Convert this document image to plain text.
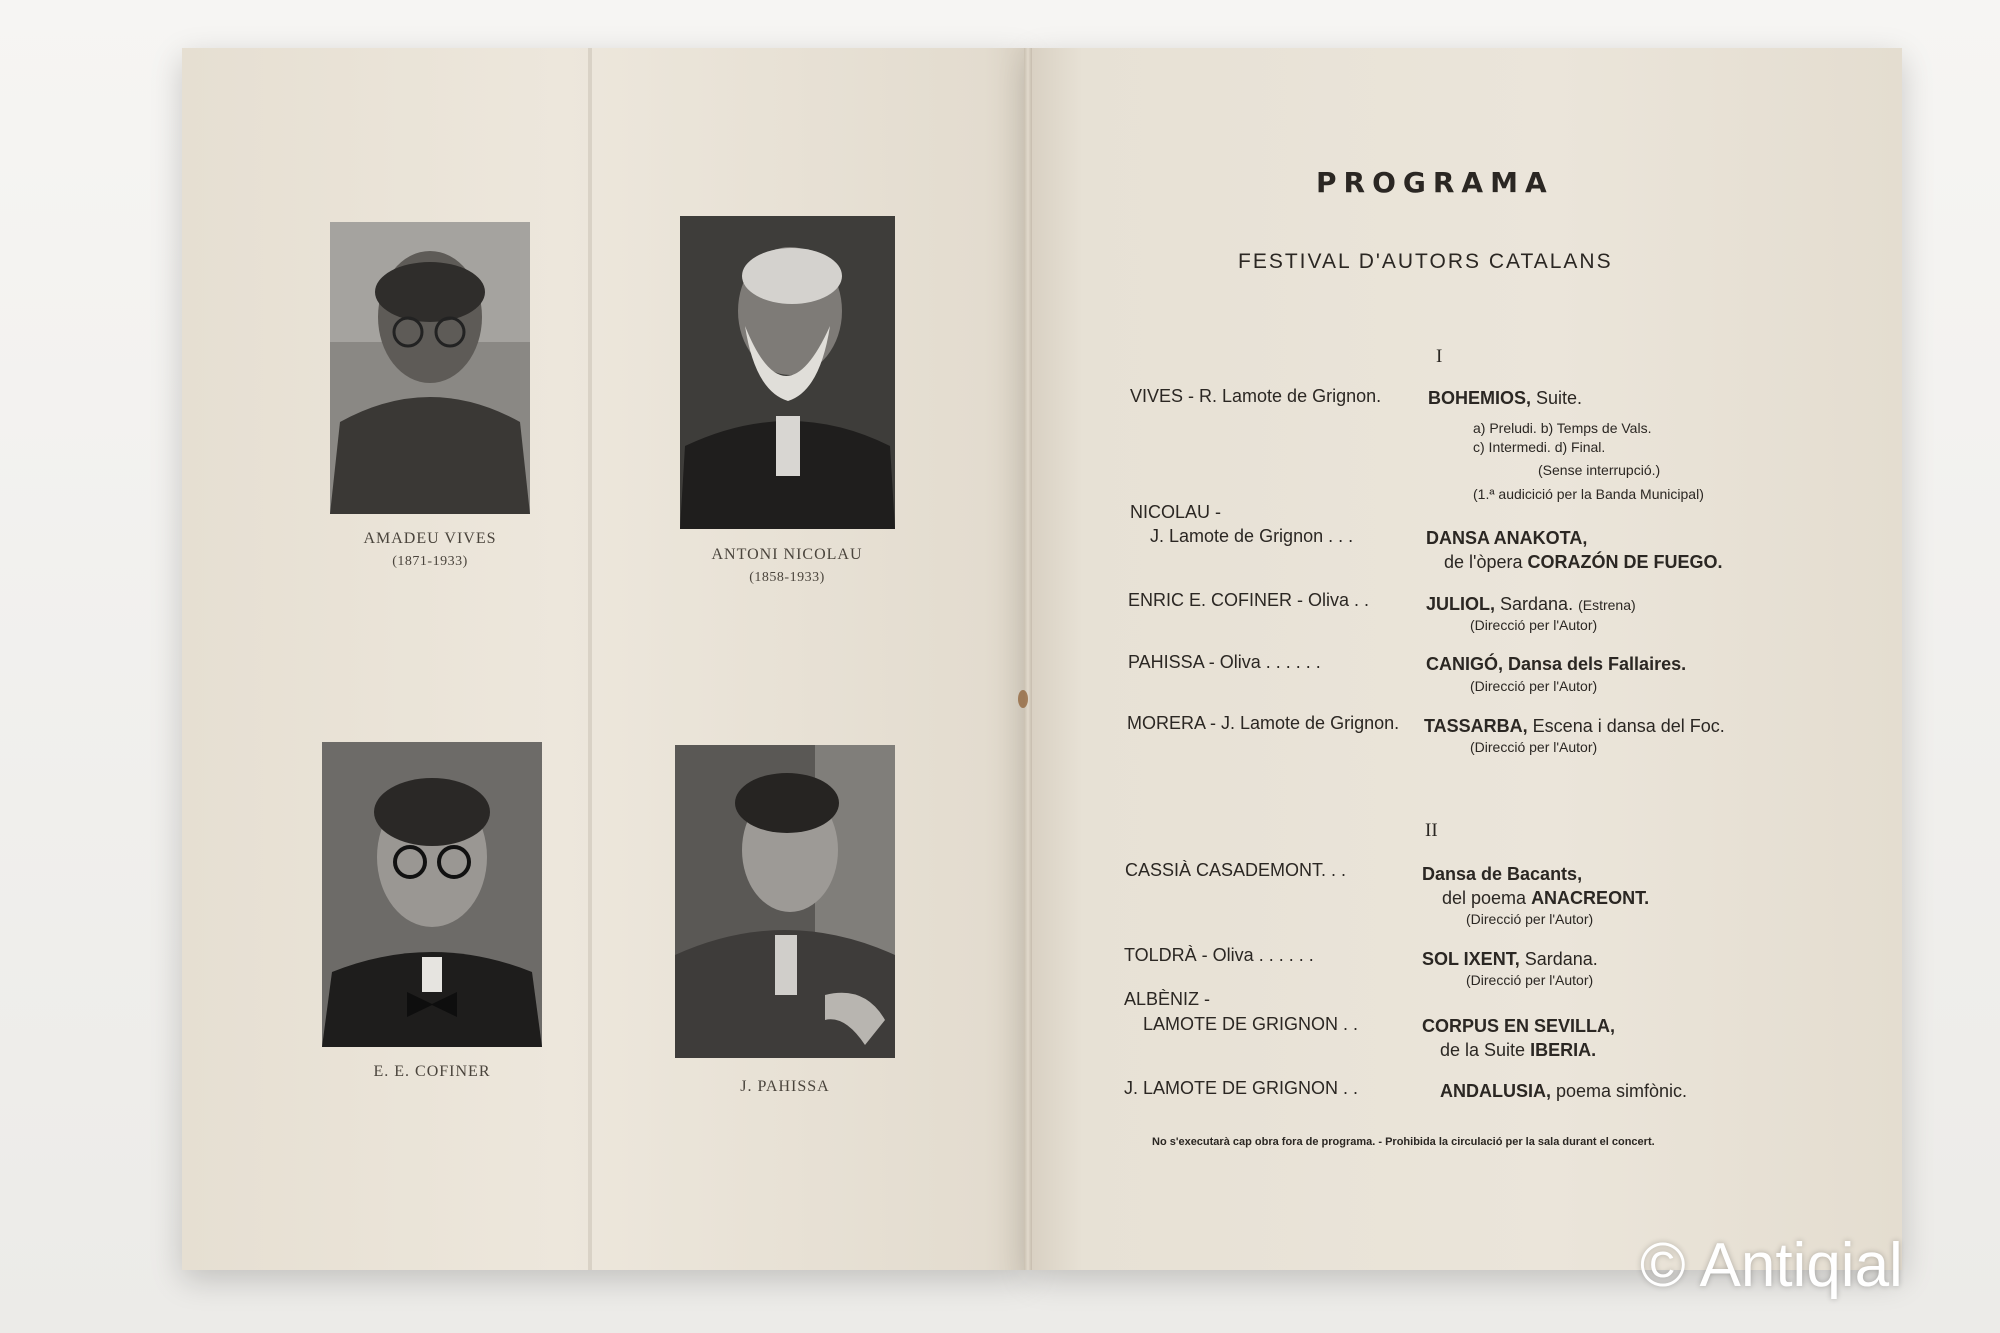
AMADEU VIVES
(1871-1933)	ANTONI NICOLAU
(1858-1933)
E. E. COFINER
J. PAHISSA
PROGRAMA
FESTIVAL D'AUTORS CATALANS
I
VIVES - R. Lamote de Grignon.	BOHEMIOS, Suite.
a) Preludi. b) Temps de Vals.
c) Intermedi. d) Final.
(Sense interrupció.)
(1.ª audicició per la Banda Municipal)
NICOLAU -
J. Lamote de Grignon . . .	DANSA ANAKOTA,
de l'òpera CORAZÓN DE FUEGO.
ENRIC E. COFINER - Oliva . .	JULIOL, Sardana. (Estrena)
(Direcció per l'Autor)
PAHISSA - Oliva . . . . . .	CANIGÓ, Dansa dels Fallaires.
(Direcció per l'Autor)
MORERA - J. Lamote de Grignon. TASSARBA, Escena i dansa del Foc.
(Direcció per l'Autor)
II
CASSIÀ CASADEMONT. . .	Dansa de Bacants,
del poema ANACREONT.
(Direcció per l'Autor)
TOLDRÀ - Oliva . . . . . .	SOL IXENT, Sardana.
(Direcció per l'Autor)
ALBÈNIZ -
LAMOTE DE GRIGNON . .	CORPUS EN SEVILLA,
de la Suite IBERIA.
J. LAMOTE DE GRIGNON . .	ANDALUSIA, poema simfònic.
No s'executarà cap obra fora de programa. - Prohibida la circulació per la sala durant el concert.
© Antiqial
